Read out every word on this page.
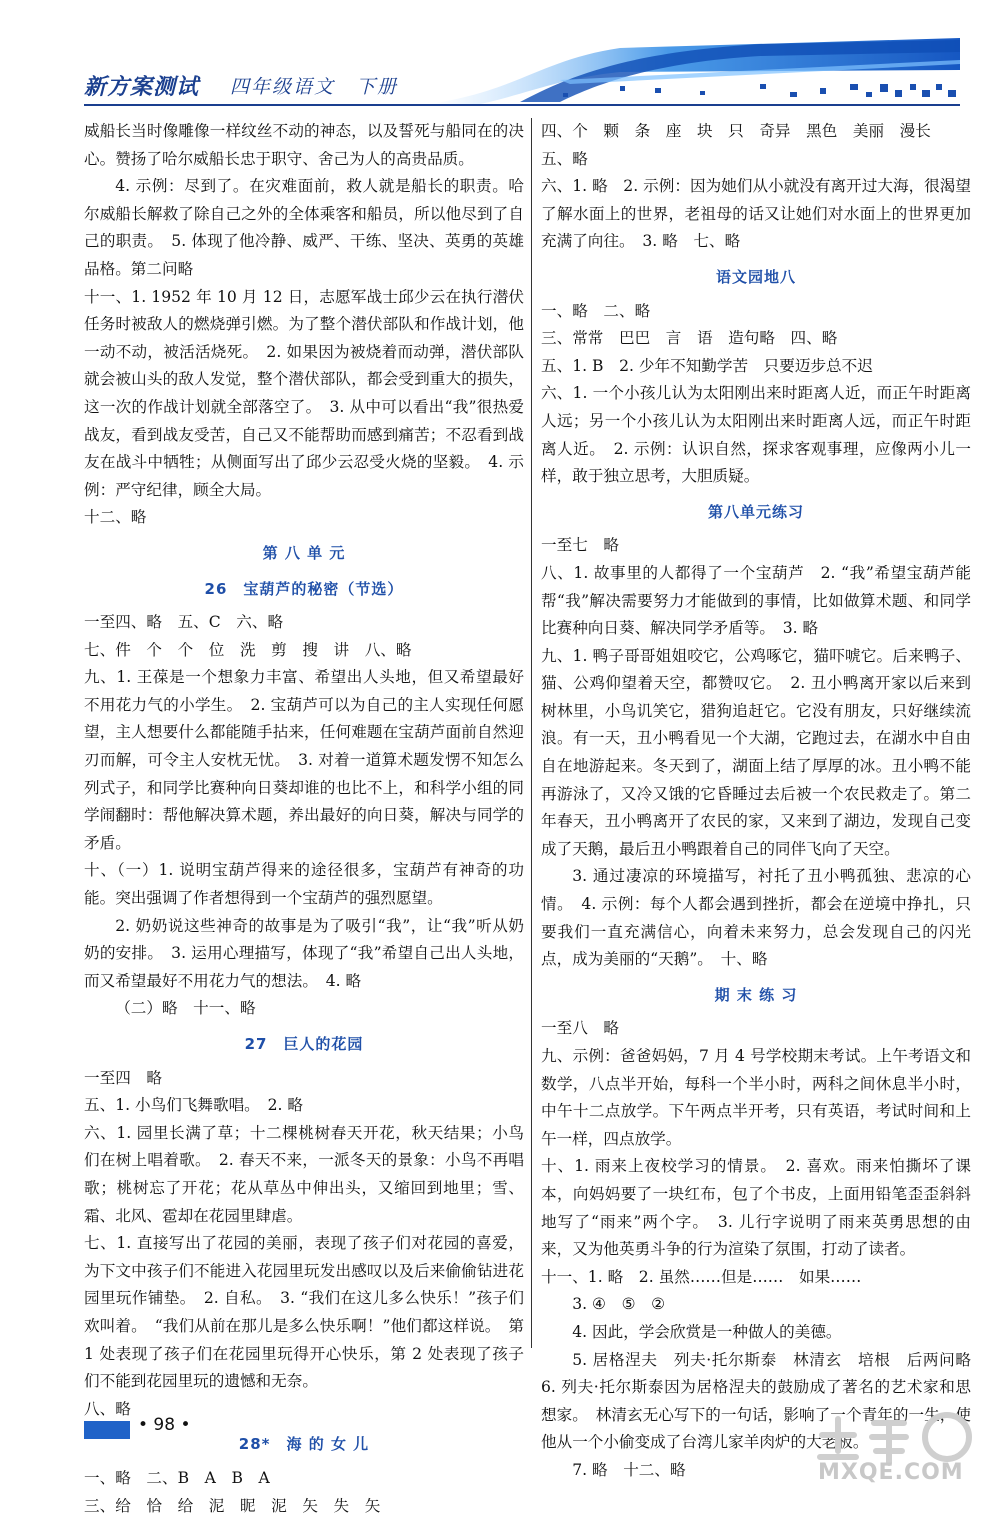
新方案测试 四年级语文　下册

威船长当时像雕像一样纹丝不动的神态，以及誓死与船同在的决心。赞扬了哈尔威船长忠于职守、舍己为人的高贵品质。

4. 示例：尽到了。在灾难面前，救人就是船长的职责。哈尔威船长解救了除自己之外的全体乘客和船员，所以他尽到了自己的职责。　5. 体现了他冷静、威严、干练、坚决、英勇的英雄品格。第二问略

十一、1. 1952 年 10 月 12 日，志愿军战士邱少云在执行潜伏任务时被敌人的燃烧弹引燃。为了整个潜伏部队和作战计划，他一动不动，被活活烧死。　2. 如果因为被烧着而动弹，潜伏部队就会被山头的敌人发觉，整个潜伏部队，都会受到重大的损失，这一次的作战计划就全部落空了。　3. 从中可以看出“我”很热爱战友，看到战友受苦，自己又不能帮助而感到痛苦；不忍看到战友在战斗中牺牲；从侧面写出了邱少云忍受火烧的坚毅。　4. 示例：严守纪律，顾全大局。

十二、略

第 八 单 元

26　宝葫芦的秘密（节选）

一至四、略　五、C　六、略

七、件　个　个　位　洗　剪　搜　讲　八、略

九、1. 王葆是一个想象力丰富、希望出人头地，但又希望最好不用花力气的小学生。　2. 宝葫芦可以为自己的主人实现任何愿望，主人想要什么都能随手拈来，任何难题在宝葫芦面前自然迎刃而解，可令主人安枕无忧。　3. 对着一道算术题发愣不知怎么列式子，和同学比赛种向日葵却谁的也比不上，和科学小组的同学闹翻时：帮他解决算术题，养出最好的向日葵，解决与同学的矛盾。

十、（一）1. 说明宝葫芦得来的途径很多，宝葫芦有神奇的功能。突出强调了作者想得到一个宝葫芦的强烈愿望。

2. 奶奶说这些神奇的故事是为了吸引“我”，让“我”听从奶奶的安排。　3. 运用心理描写，体现了“我”希望自己出人头地，而又希望最好不用花力气的想法。　4. 略

（二）略　十一、略

27　巨人的花园

一至四　略

五、1. 小鸟们飞舞歌唱。　2. 略

六、1. 园里长满了草；十二棵桃树春天开花，秋天结果；小鸟们在树上唱着歌。　2. 春天不来，一派冬天的景象：小鸟不再唱歌；桃树忘了开花；花从草丛中伸出头，又缩回到地里；雪、霜、北风、雹却在花园里肆虐。

七、1. 直接写出了花园的美丽，表现了孩子们对花园的喜爱，为下文中孩子们不能进入花园里玩发出感叹以及后来偷偷钻进花园里玩作铺垫。　2. 自私。　3. “我们在这儿多么快乐！”孩子们欢叫着。　“我们从前在那儿是多么快乐啊！”他们都这样说。　第 1 处表现了孩子们在花园里玩得开心快乐，第 2 处表现了孩子们不能到花园里玩的遗憾和无奈。

八、略

28*　海 的 女 儿

一、略　二、B　A　B　A

三、给　恰　给　泥　昵　泥　矢　失　矢

四、个　颗　条　座　块　只　奇异　黑色　美丽　漫长

五、略

六、1. 略　2. 示例：因为她们从小就没有离开过大海，很渴望了解水面上的世界，老祖母的话又让她们对水面上的世界更加充满了向往。　3. 略　七、略

语文园地八

一、略　二、略

三、常常　巴巴　言　语　造句略　四、略

五、1. B　2. 少年不知勤学苦　只要迈步总不迟

六、1. 一个小孩儿认为太阳刚出来时距离人近，而正午时距离人远；另一个小孩儿认为太阳刚出来时距离人远，而正午时距离人近。　2. 示例：认识自然，探求客观事理，应像两小儿一样，敢于独立思考，大胆质疑。

第八单元练习

一至七　略

八、1. 故事里的人都得了一个宝葫芦　2. “我”希望宝葫芦能帮“我”解决需要努力才能做到的事情，比如做算术题、和同学比赛种向日葵、解决同学矛盾等。　3. 略

九、1. 鸭子哥哥姐姐咬它，公鸡啄它，猫吓唬它。后来鸭子、猫、公鸡仰望着天空，都赞叹它。　2. 丑小鸭离开家以后来到树林里，小鸟讥笑它，猎狗追赶它。它没有朋友，只好继续流浪。有一天，丑小鸭看见一个大湖，它跑过去，在湖水中自由自在地游起来。冬天到了，湖面上结了厚厚的冰。丑小鸭不能再游泳了，又冷又饿的它昏睡过去后被一个农民救走了。第二年春天，丑小鸭离开了农民的家，又来到了湖边，发现自己变成了天鹅，最后丑小鸭跟着自己的同伴飞向了天空。

3. 通过凄凉的环境描写，衬托了丑小鸭孤独、悲凉的心情。　4. 示例：每个人都会遇到挫折，都会在逆境中挣扎，只要我们一直充满信心，向着未来努力，总会发现自己的闪光点，成为美丽的“天鹅”。　十、略

期 末 练 习

一至八　略

九、示例：爸爸妈妈，7 月 4 号学校期末考试。上午考语文和数学，八点半开始，每科一个半小时，两科之间休息半小时，中午十二点放学。下午两点半开考，只有英语，考试时间和上午一样，四点放学。

十、1. 雨来上夜校学习的情景。　2. 喜欢。雨来怕撕坏了课本，向妈妈要了一块红布，包了个书皮，上面用铅笔歪歪斜斜地写了“雨来”两个字。　3. 儿行字说明了雨来英勇思想的由来，又为他英勇斗争的行为渲染了氛围，打动了读者。

十一、1. 略　2. 虽然……但是……　如果……

3. ④　⑤　②

4. 因此，学会欣赏是一种做人的美德。

5. 居格涅夫　列夫·托尔斯泰　林清玄　培根　后两问略　6. 列夫·托尔斯泰因为居格涅夫的鼓励成了著名的艺术家和思想家。　林清玄无心写下的一句话，影响了一个青年的一生，使他从一个小偷变成了台湾儿家羊肉炉的大老板。

7. 略　十二、略

• 98 •
MXQE.COM
